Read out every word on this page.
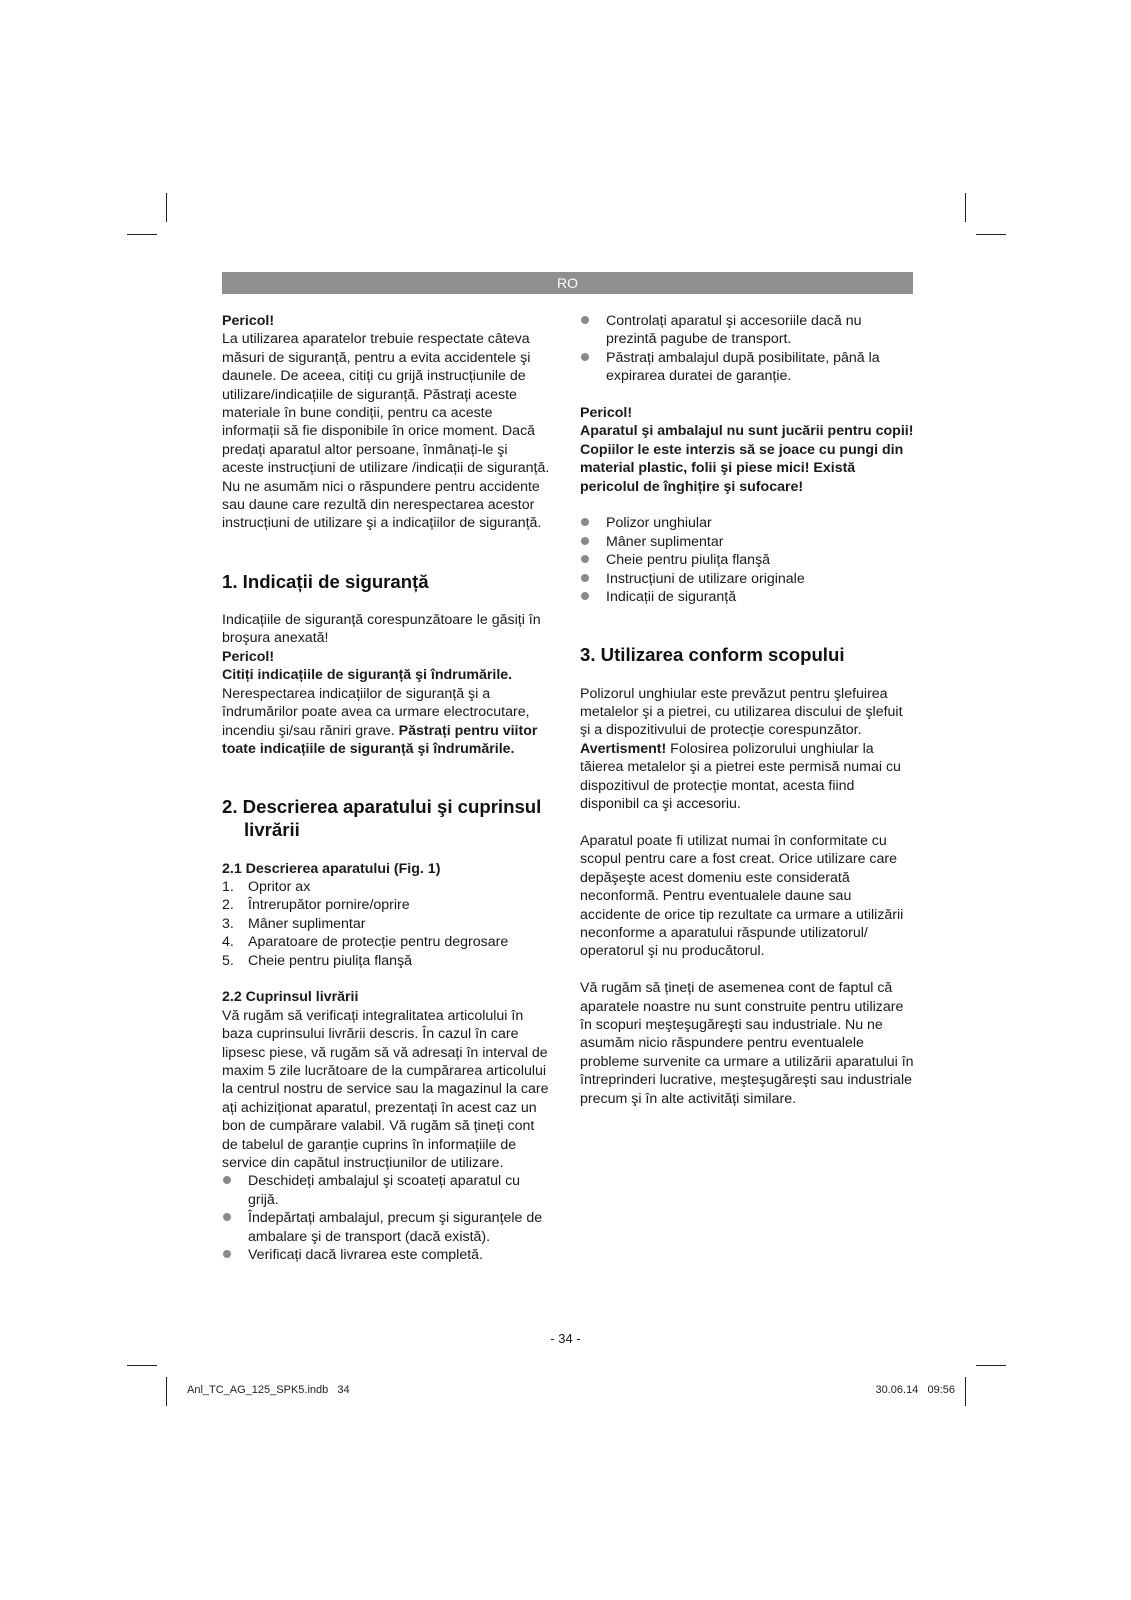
RO

Pericol!

La utilizarea aparatelor trebuie respectate câteva măsuri de siguranță, pentru a evita accidentele şi daunele. De aceea, citiți cu grijă instrucțiunile de utilizare/indicațiile de siguranță. Păstrați aceste materiale în bune condiții, pentru ca aceste informații să fie disponibile în orice moment. Dacă predați aparatul altor persoane, înmânați-le şi aceste instrucțiuni de utilizare /indicații de siguranță. Nu ne asumăm nici o răspundere pentru accidente sau daune care rezultă din nerespectarea acestor instrucțiuni de utilizare şi a indicațiilor de siguranță.

1. Indicații de siguranță

Indicațiile de siguranță corespunzătoare le găsiți în broşura anexată!

Pericol!

Citiți indicațiile de siguranță şi îndrumările. Nerespectarea indicațiilor de siguranță şi a îndrumărilor poate avea ca urmare electrocutare, incendiu şi/sau răniri grave. Păstrați pentru viitor toate indicațiile de siguranță şi îndrumările.

2. Descrierea aparatului şi cuprinsul
livrării
2.1 Descrierea aparatului (Fig. 1)
1. Opritor ax
2. Întrerupător pornire/oprire
3. Mâner suplimentar
4. Aparatoare de protecție pentru degrosare
5. Cheie pentru piulița flanşă
2.2 Cuprinsul livrării

Vă rugăm să verificați integralitatea articolului în baza cuprinsului livrării descris. În cazul în care lipsesc piese, vă rugăm să vă adresați în interval de maxim 5 zile lucrătoare de la cumpărarea articolului la centrul nostru de service sau la magazinul la care ați achiziționat aparatul, prezentați în acest caz un bon de cumpărare valabil. Vă rugăm să țineți cont de tabelul de garanție cuprins în informațiile de service din capătul instrucțiunilor de utilizare.

Deschideți ambalajul şi scoateți aparatul cu grijă.
Îndepărtați ambalajul, precum şi siguranțele de ambalare şi de transport (dacă există).
Verificați dacă livrarea este completă.
Controlați aparatul şi accesoriile dacă nu prezintă pagube de transport.
Păstrați ambalajul după posibilitate, până la expirarea duratei de garanție.

Pericol!

Aparatul şi ambalajul nu sunt jucării pentru copii! Copiilor le este interzis să se joace cu pungi din material plastic, folii şi piese mici! Există pericolul de înghițire şi sufocare!

Polizor unghiular
Mâner suplimentar
Cheie pentru piulița flanşă
Instrucțiuni de utilizare originale
Indicații de siguranță
3. Utilizarea conform scopului

Polizorul unghiular este prevăzut pentru şlefuirea metalelor şi a pietrei, cu utilizarea discului de şlefuit şi a dispozitivului de protecție corespunzător.

Avertisment! Folosirea polizorului unghiular la tăierea metalelor şi a pietrei este permisă numai cu dispozitivul de protecție montat, acesta fiind disponibil ca şi accesoriu.

Aparatul poate fi utilizat numai în conformitate cu scopul pentru care a fost creat. Orice utilizare care depăşeşte acest domeniu este considerată neconformă. Pentru eventualele daune sau accidente de orice tip rezultate ca urmare a utilizării neconforme a aparatului răspunde utilizatorul/ operatorul şi nu producătorul.

Vă rugăm să țineți de asemenea cont de faptul că aparatele noastre nu sunt construite pentru utilizare în scopuri meşteşugăreşti sau industriale. Nu ne asumăm nicio răspundere pentru eventualele probleme survenite ca urmare a utilizării aparatului în întreprinderi lucrative, meşteşugăreşti sau industriale precum şi în alte activități similare.

- 34 -
Anl_TC_AG_125_SPK5.indb   34	30.06.14   09:56
